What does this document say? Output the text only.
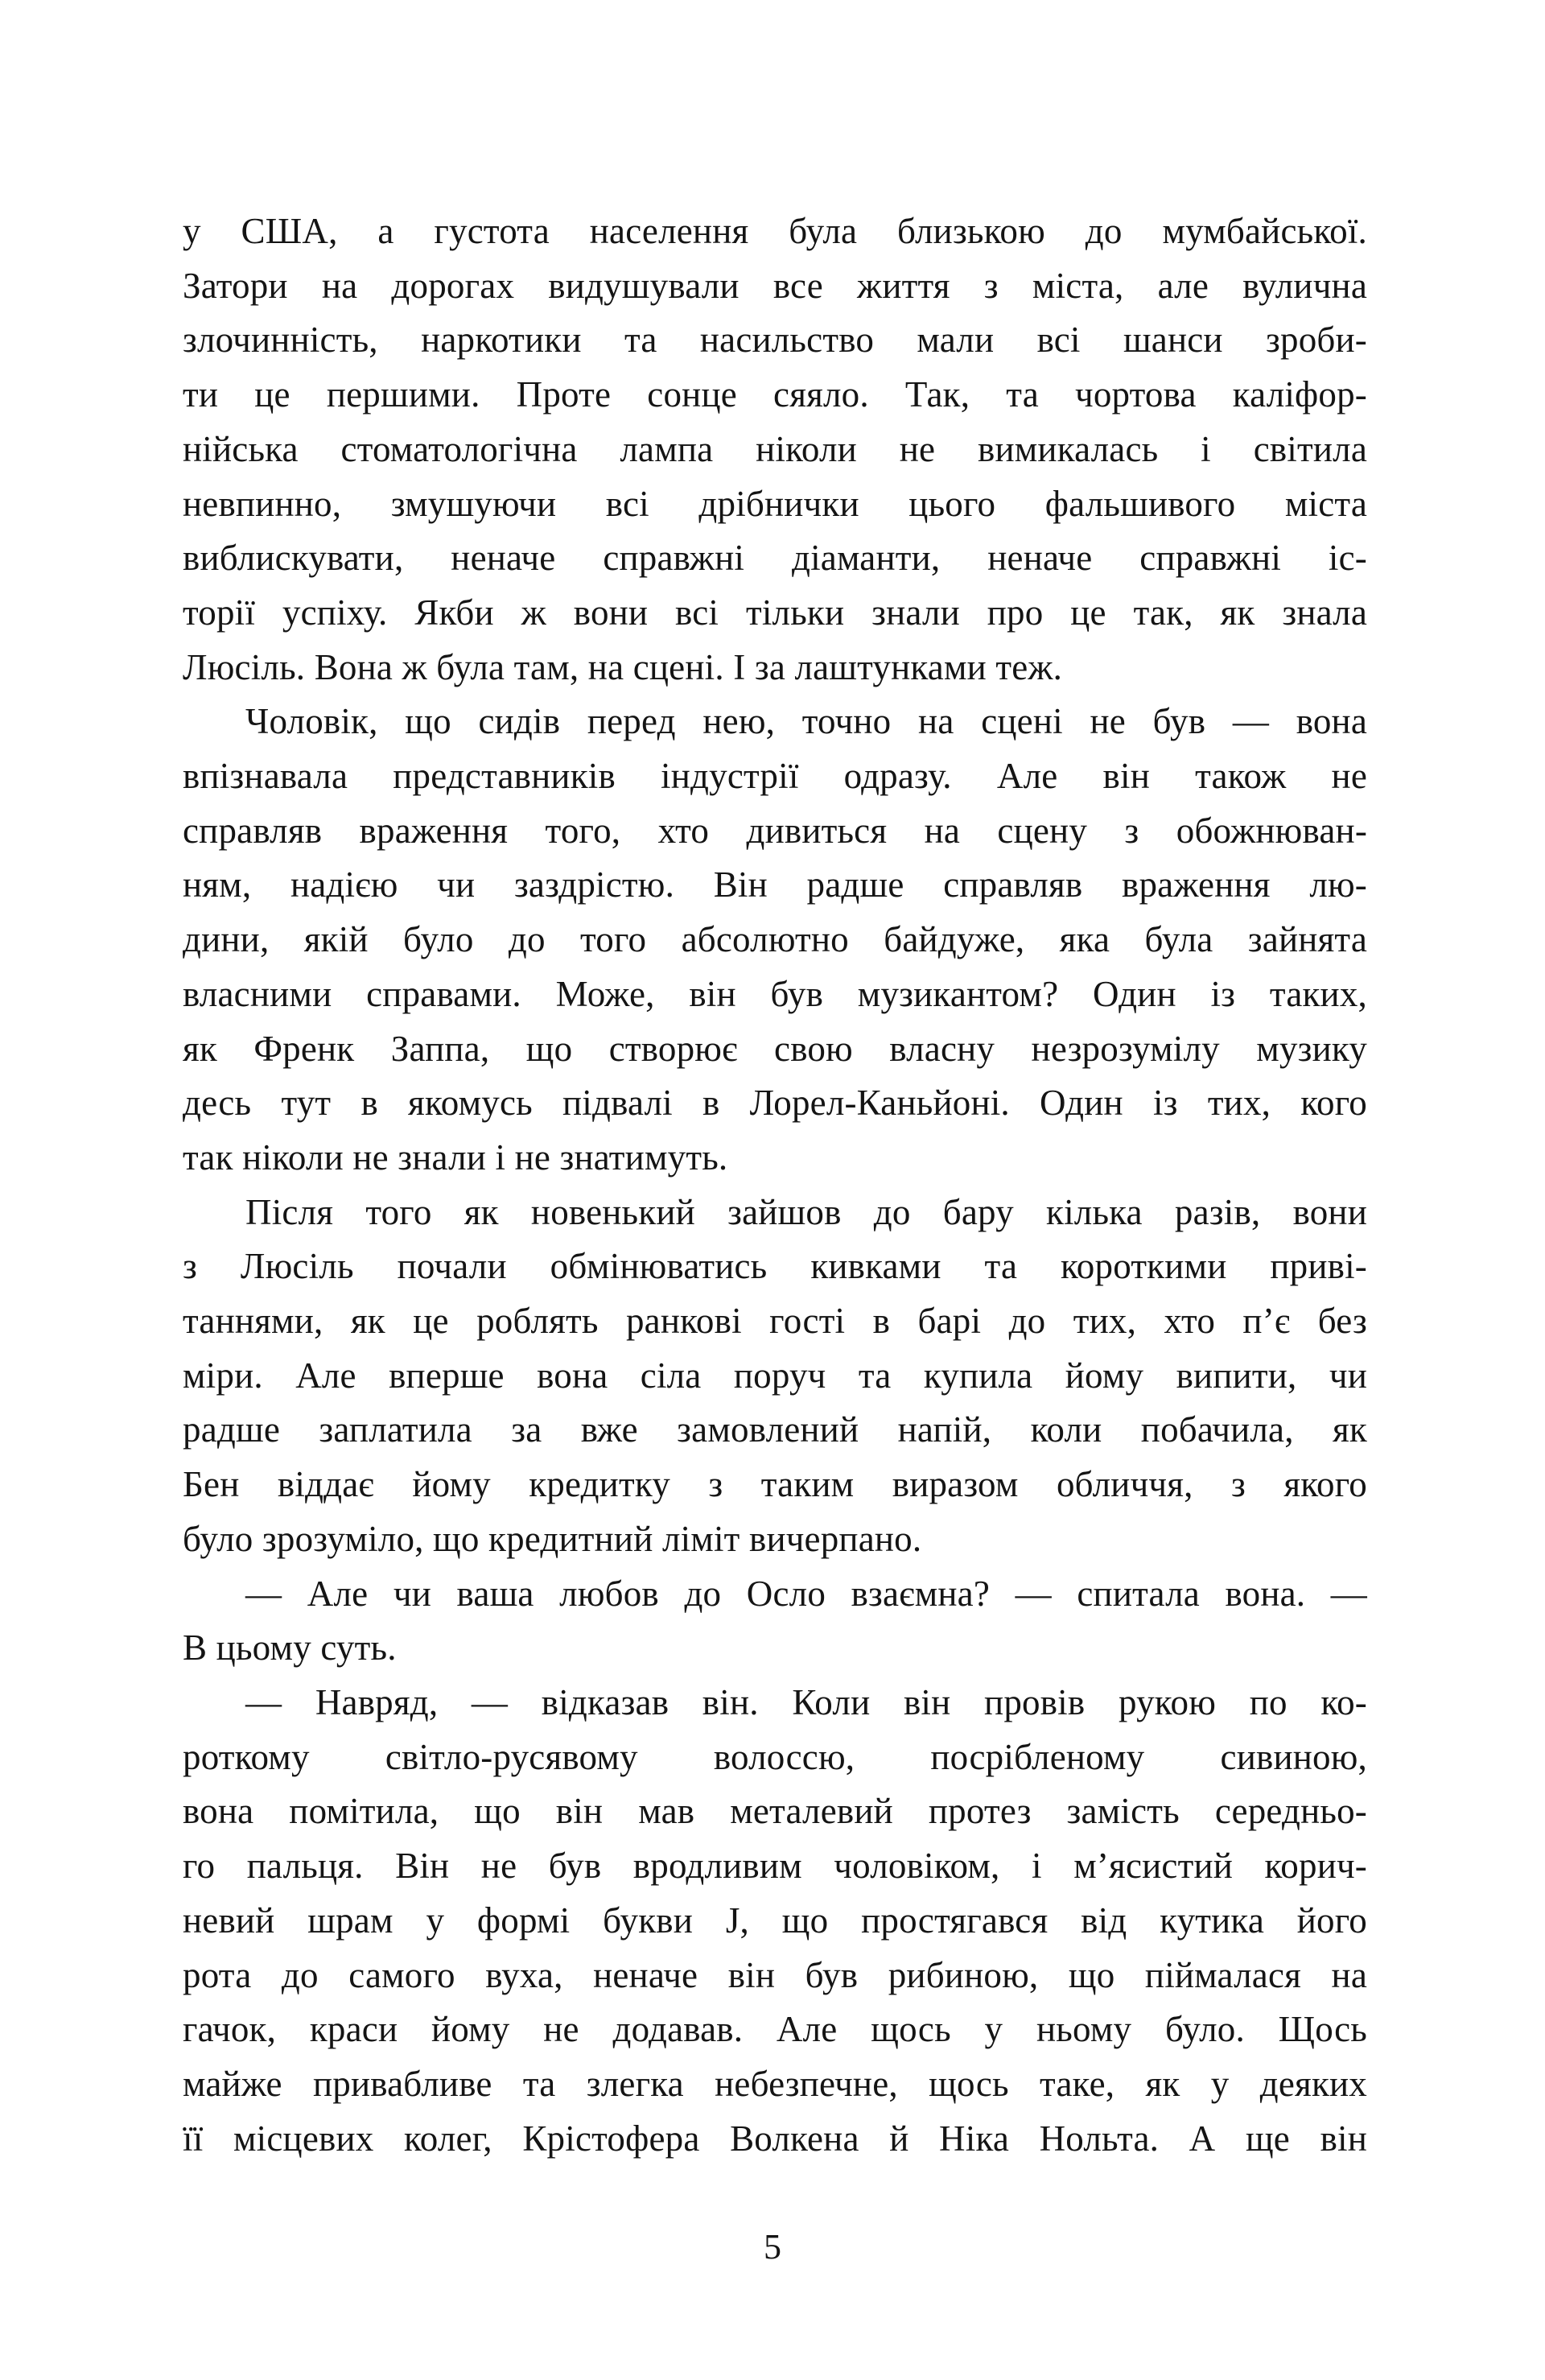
у США, а густота населення була близькою до мумбайської.
Затори на дорогах видушували все життя з міста, але вулична
злочинність, наркотики та насильство мали всі шанси зроби-
ти це першими. Проте сонце сяяло. Так, та чортова каліфор-
нійська стоматологічна лампа ніколи не вимикалась і світила
невпинно, змушуючи всі дрібнички цього фальшивого міста
виблискувати, неначе справжні діаманти, неначе справжні іс-
торії успіху. Якби ж вони всі тільки знали про це так, як знала
Люсіль. Вона ж була там, на сцені. І за лаштунками теж.
Чоловік, що сидів перед нею, точно на сцені не був — вона
впізнавала представників індустрії одразу. Але він також не
справляв враження того, хто дивиться на сцену з обожнюван-
ням, надією чи заздрістю. Він радше справляв враження лю-
дини, якій було до того абсолютно байдуже, яка була зайнята
власними справами. Може, він був музикантом? Один із таких,
як Френк Заппа, що створює свою власну незрозумілу музику
десь тут в якомусь підвалі в Лорел-Каньйоні. Один із тих, кого
так ніколи не знали і не знатимуть.
Після того як новенький зайшов до бару кілька разів, вони
з Люсіль почали обмінюватись кивками та короткими приві-
таннями, як це роблять ранкові гості в барі до тих, хто п’є без
міри. Але вперше вона сіла поруч та купила йому випити, чи
радше заплатила за вже замовлений напій, коли побачила, як
Бен віддає йому кредитку з таким виразом обличчя, з якого
було зрозуміло, що кредитний ліміт вичерпано.
— Але чи ваша любов до Осло взаємна? — спитала вона. —
В цьому суть.
— Навряд, — відказав він. Коли він провів рукою по ко-
роткому світло-русявому волоссю, посрібленому сивиною,
вона помітила, що він мав металевий протез замість середньо-
го пальця. Він не був вродливим чоловіком, і м’ясистий корич-
невий шрам у формі букви J, що простягався від кутика його
рота до самого вуха, неначе він був рибиною, що піймалася на
гачок, краси йому не додавав. Але щось у ньому було. Щось
майже привабливе та злегка небезпечне, щось таке, як у деяких
її місцевих колег, Крістофера Волкена й Ніка Нольта. А ще він
5
